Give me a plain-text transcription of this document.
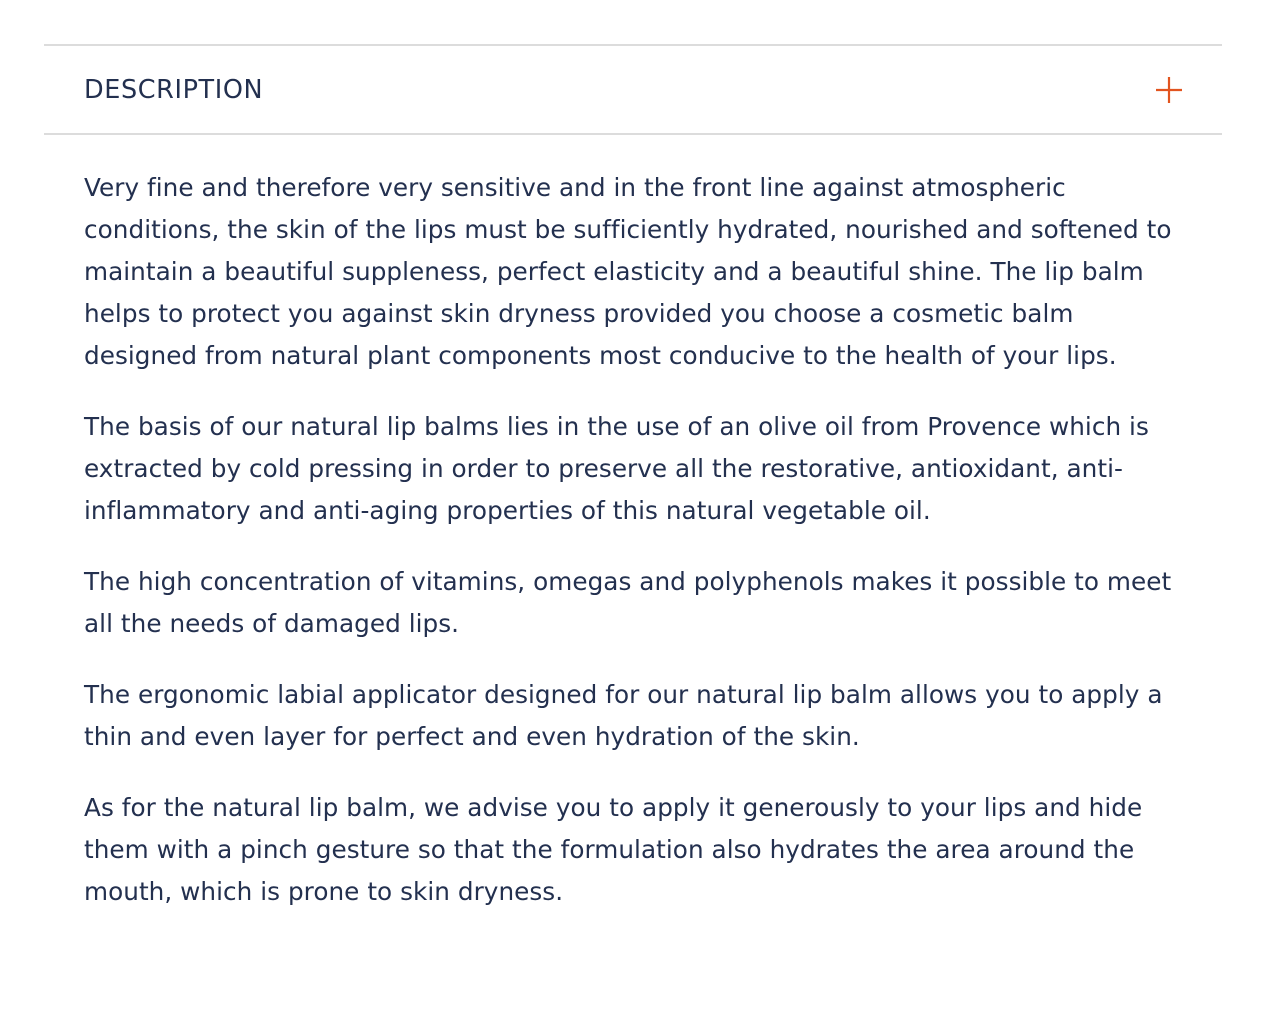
DESCRIPTION

Very fine and therefore very sensitive and in the front line against atmospheric conditions, the skin of the lips must be sufficiently hydrated, nourished and softened to maintain a beautiful suppleness, perfect elasticity and a beautiful shine. The lip balm helps to protect you against skin dryness provided you choose a cosmetic balm designed from natural plant components most conducive to the health of your lips.

The basis of our natural lip balms lies in the use of an olive oil from Provence which is extracted by cold pressing in order to preserve all the restorative, antioxidant, anti-inflammatory and anti-aging properties of this natural vegetable oil.

The high concentration of vitamins, omegas and polyphenols makes it possible to meet all the needs of damaged lips.

The ergonomic labial applicator designed for our natural lip balm allows you to apply a thin and even layer for perfect and even hydration of the skin.

As for the natural lip balm, we advise you to apply it generously to your lips and hide them with a pinch gesture so that the formulation also hydrates the area around the mouth, which is prone to skin dryness.
